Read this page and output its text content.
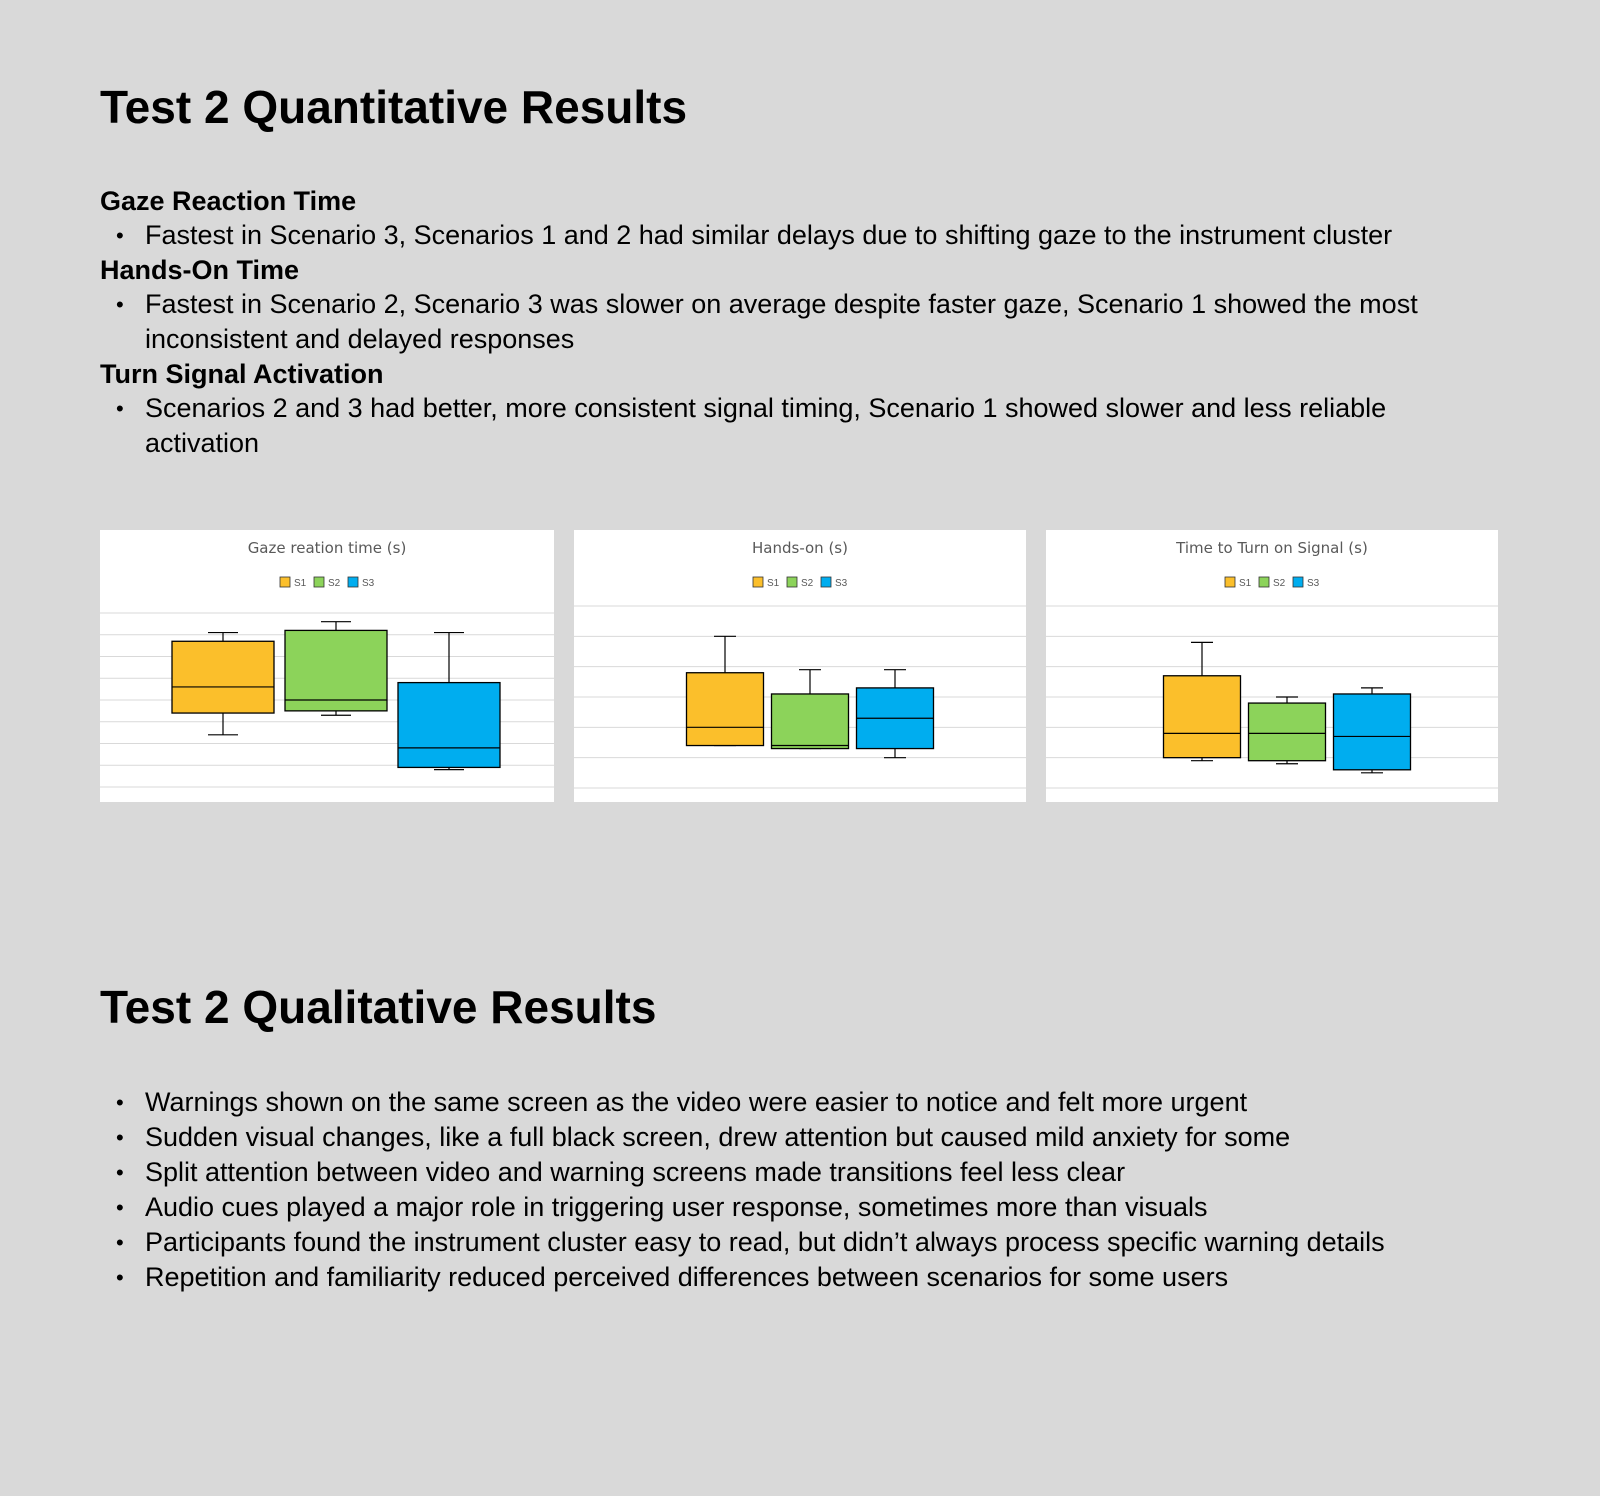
Test 2 Quantitative Results

Gaze Reaction Time

• Fastest in Scenario 3, Scenarios 1 and 2 had similar delays due to shifting gaze to the instrument cluster

Hands-On Time

• Fastest in Scenario 2, Scenario 3 was slower on average despite faster gaze, Scenario 1 showed the most inconsistent and delayed responses

Turn Signal Activation

• Scenarios 2 and 3 had better, more consistent signal timing, Scenario 1 showed slower and less reliable activation
Gaze reation time (s)
S1 S2 S3
Hands-on (s)
S1 S2 S3
Time to Turn on Signal (s)
S1 S2 S3
Test 2 Qualitative Results
• Warnings shown on the same screen as the video were easier to notice and felt more urgent
• Sudden visual changes, like a full black screen, drew attention but caused mild anxiety for some
• Split attention between video and warning screens made transitions feel less clear
• Audio cues played a major role in triggering user response, sometimes more than visuals
• Participants found the instrument cluster easy to read, but didn’t always process specific warning details
• Repetition and familiarity reduced perceived differences between scenarios for some users
